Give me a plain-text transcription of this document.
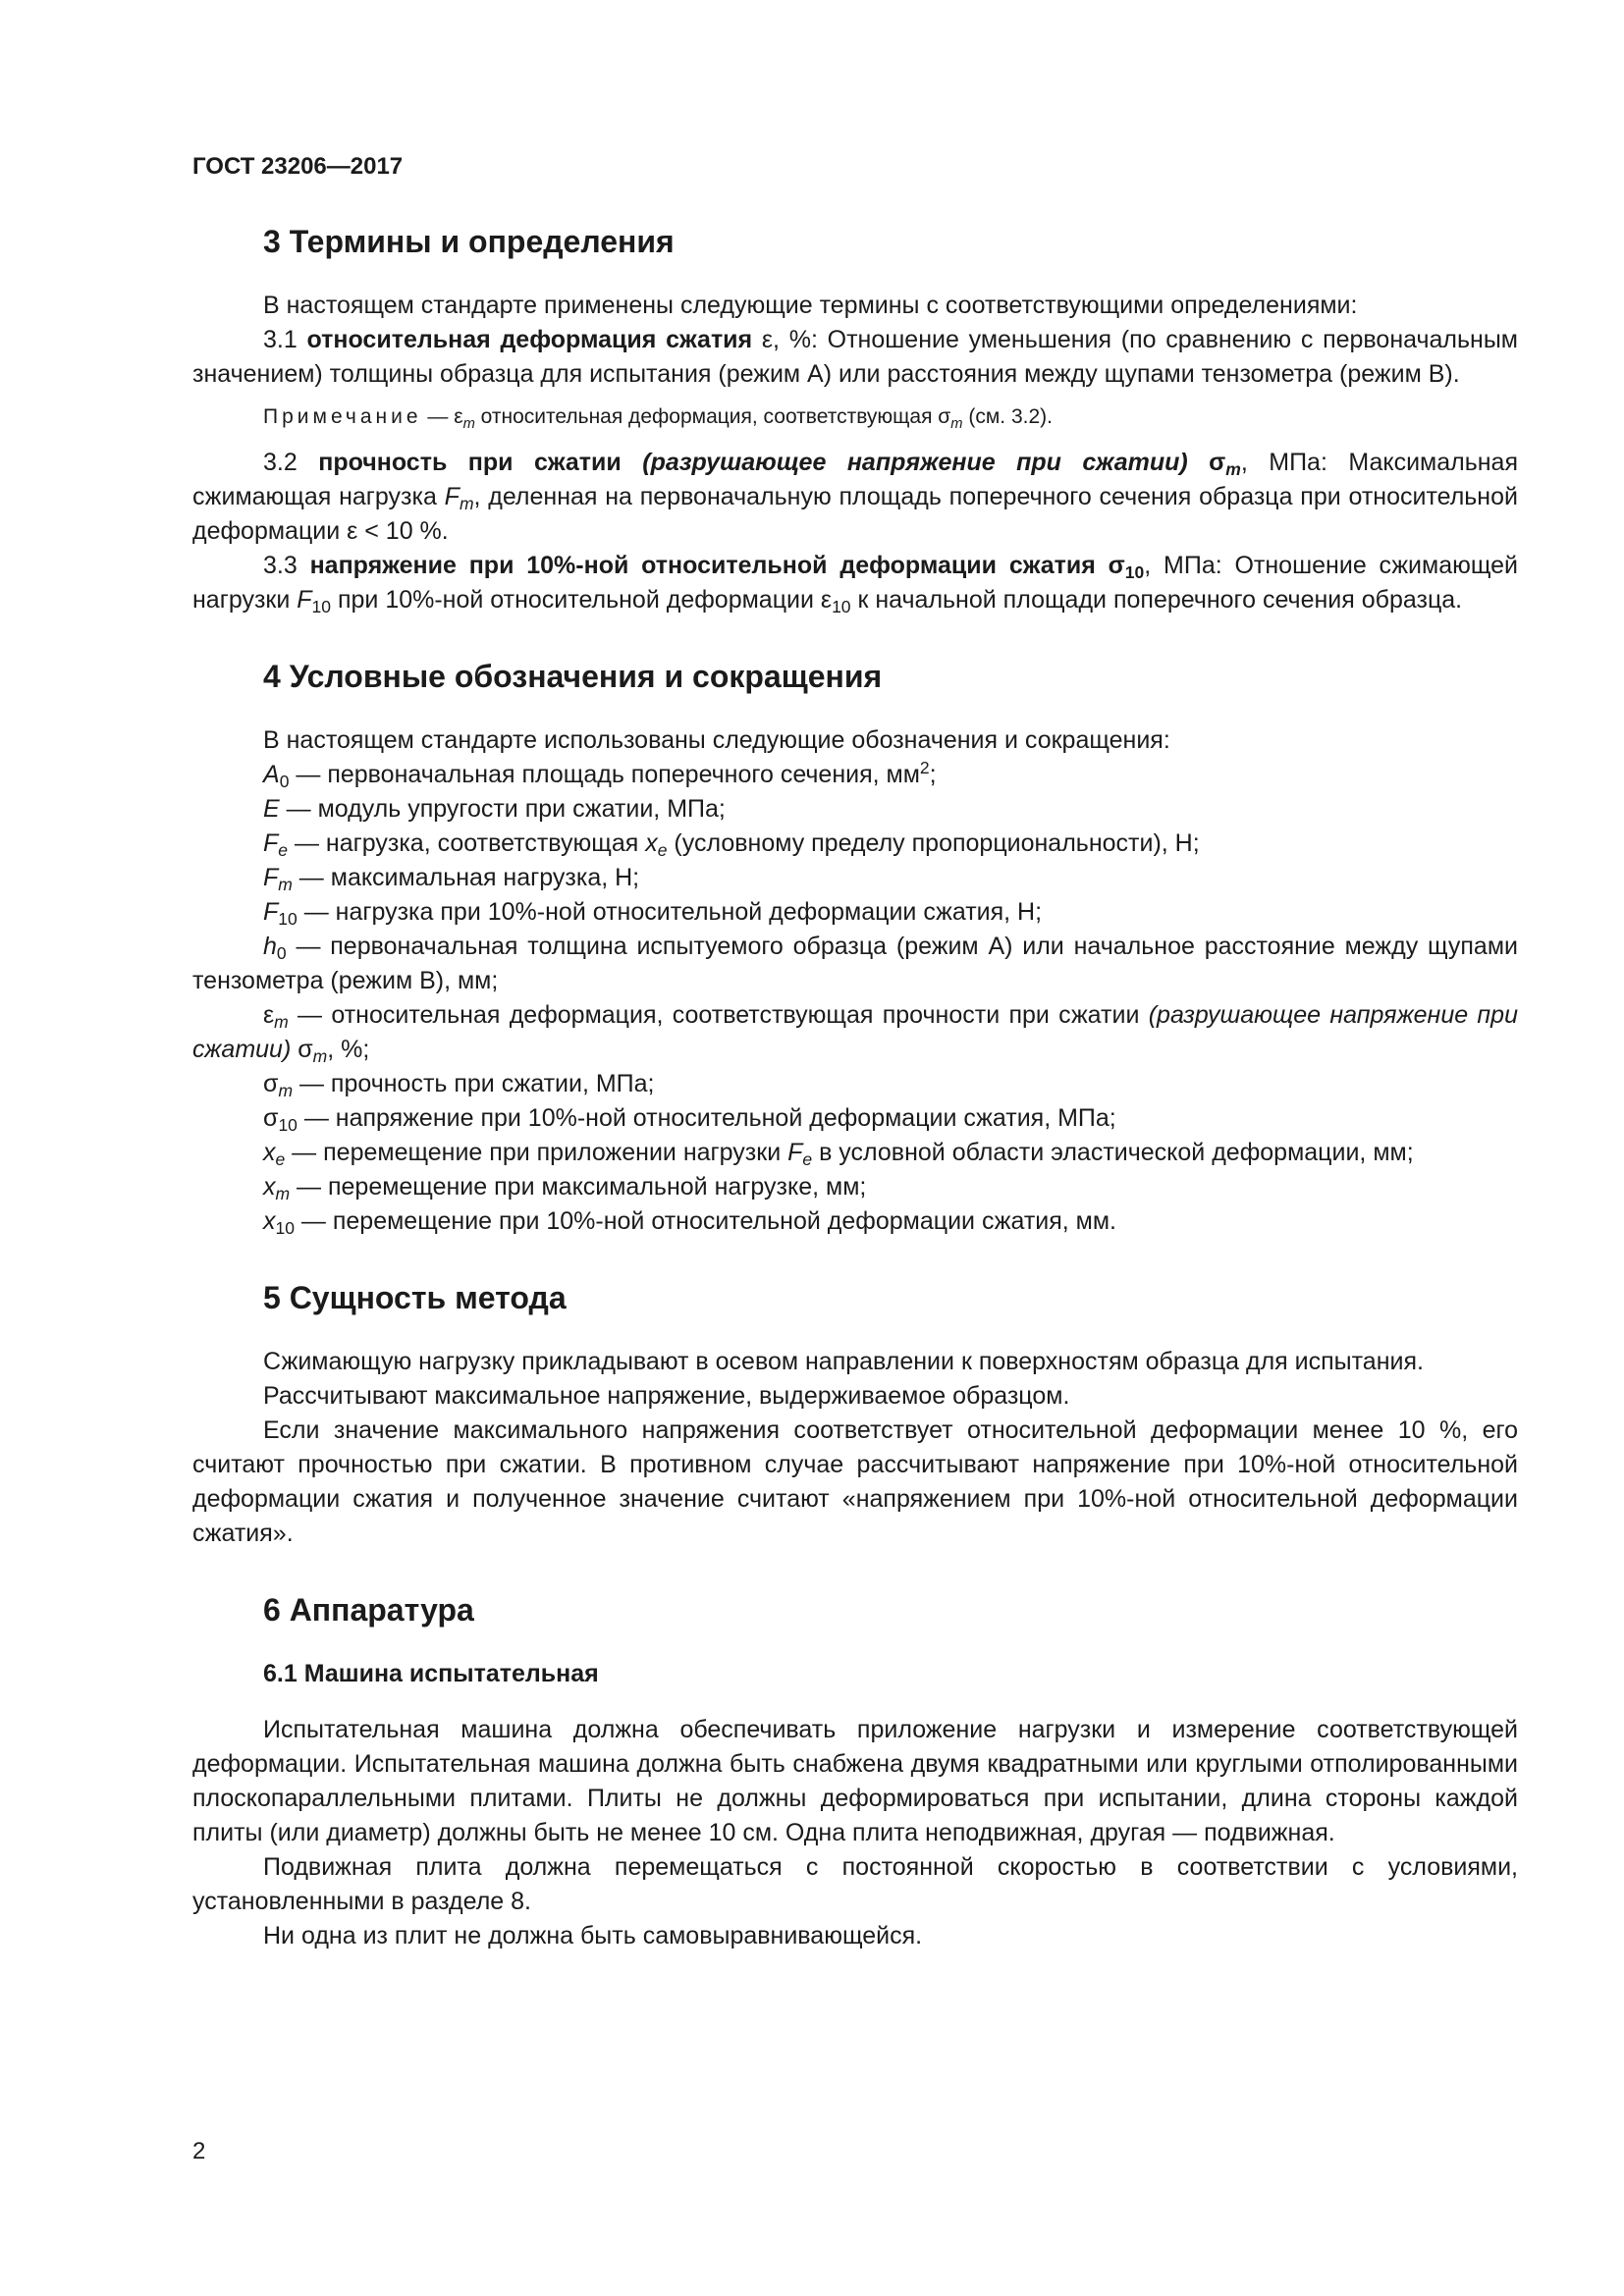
ГОСТ 23206—2017
3 Термины и определения

В настоящем стандарте применены следующие термины с соответствующими определениями:

3.1 относительная деформация сжатия ε, %: Отношение уменьшения (по сравнению с первоначальным значением) толщины образца для испытания (режим А) или расстояния между щупами тензометра (режим В).

Примечание — $\varepsilon_m$ относительная деформация, соответствующая $\sigma_m$ (см. 3.2).

3.2 прочность при сжатии (разрушающее напряжение при сжатии) $\sigma_m$, МПа: Максимальная сжимающая нагрузка $F_m$, деленная на первоначальную площадь поперечного сечения образца при относительной деформации ε < 10 %.

3.3 напряжение при 10%-ной относительной деформации сжатия $\sigma_{10}$, МПа: Отношение сжимающей нагрузки $F_{10}$ при 10%-ной относительной деформации $\varepsilon_{10}$ к начальной площади поперечного сечения образца.

4 Условные обозначения и сокращения

В настоящем стандарте использованы следующие обозначения и сокращения:

$A_0$ — первоначальная площадь поперечного сечения, $мм^2$;

E — модуль упругости при сжатии, МПа;

$F_e$ — нагрузка, соответствующая $x_e$ (условному пределу пропорциональности), Н;

$F_m$ — максимальная нагрузка, Н;

$F_{10}$ — нагрузка при 10%-ной относительной деформации сжатия, Н;

$h_0$ — первоначальная толщина испытуемого образца (режим А) или начальное расстояние между щупами тензометра (режим В), мм;

$\varepsilon_m$ — относительная деформация, соответствующая прочности при сжатии (разрушающее напряжение при сжатии) $\sigma_m$, %;

$\sigma_m$ — прочность при сжатии, МПа;

$\sigma_{10}$ — напряжение при 10%-ной относительной деформации сжатия, МПа;

$x_e$ — перемещение при приложении нагрузки $F_e$ в условной области эластической деформации, мм;

$x_m$ — перемещение при максимальной нагрузке, мм;

$x_{10}$ — перемещение при 10%-ной относительной деформации сжатия, мм.

5 Сущность метода

Сжимающую нагрузку прикладывают в осевом направлении к поверхностям образца для испытания.

Рассчитывают максимальное напряжение, выдерживаемое образцом.

Если значение максимального напряжения соответствует относительной деформации менее 10 %, его считают прочностью при сжатии. В противном случае рассчитывают напряжение при 10%-ной относительной деформации сжатия и полученное значение считают «напряжением при 10%-ной относительной деформации сжатия».

6 Аппаратура
6.1 Машина испытательная

Испытательная машина должна обеспечивать приложение нагрузки и измерение соответствующей деформации. Испытательная машина должна быть снабжена двумя квадратными или круглыми отполированными плоскопараллельными плитами. Плиты не должны деформироваться при испытании, длина стороны каждой плиты (или диаметр) должны быть не менее 10 см. Одна плита неподвижная, другая — подвижная.

Подвижная плита должна перемещаться с постоянной скоростью в соответствии с условиями, установленными в разделе 8.

Ни одна из плит не должна быть самовыравнивающейся.

2
